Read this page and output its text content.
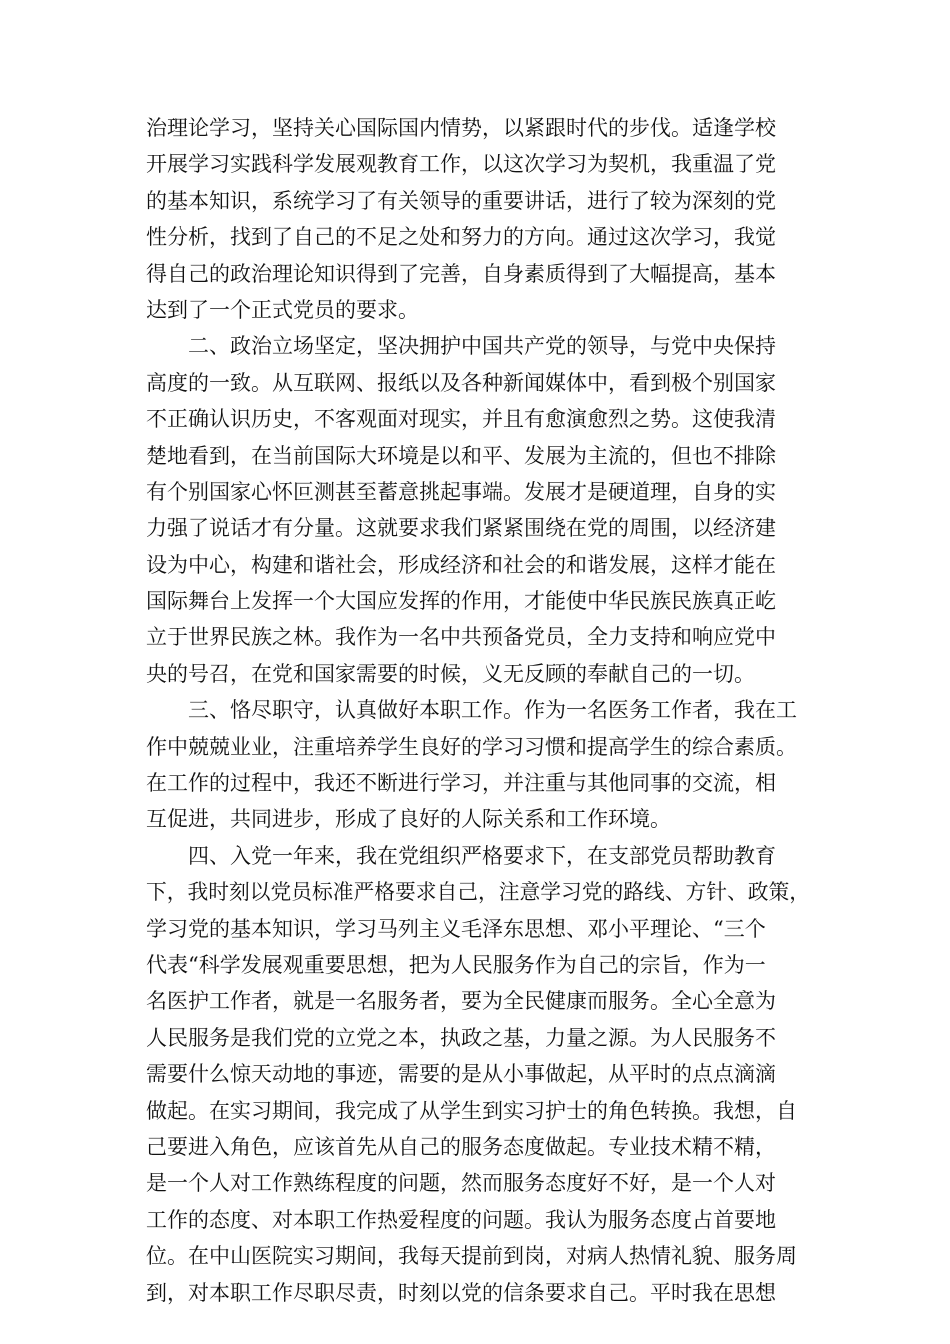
治理论学习，坚持关心国际国内情势，以紧跟时代的步伐。适逢学校
开展学习实践科学发展观教育工作，以这次学习为契机，我重温了党
的基本知识，系统学习了有关领导的重要讲话，进行了较为深刻的党
性分析，找到了自己的不足之处和努力的方向。通过这次学习，我觉
得自己的政治理论知识得到了完善，自身素质得到了大幅提高，基本
达到了一个正式党员的要求。
二、政治立场坚定，坚决拥护中国共产党的领导，与党中央保持
高度的一致。从互联网、报纸以及各种新闻媒体中，看到极个别国家
不正确认识历史，不客观面对现实，并且有愈演愈烈之势。这使我清
楚地看到，在当前国际大环境是以和平、发展为主流的，但也不排除
有个别国家心怀叵测甚至蓄意挑起事端。发展才是硬道理，自身的实
力强了说话才有分量。这就要求我们紧紧围绕在党的周围，以经济建
设为中心，构建和谐社会，形成经济和社会的和谐发展，这样才能在
国际舞台上发挥一个大国应发挥的作用，才能使中华民族民族真正屹
立于世界民族之林。我作为一名中共预备党员，全力支持和响应党中
央的号召，在党和国家需要的时候，义无反顾的奉献自己的一切。
三、恪尽职守，认真做好本职工作。作为一名医务工作者，我在工
作中兢兢业业，注重培养学生良好的学习习惯和提高学生的综合素质。
在工作的过程中，我还不断进行学习，并注重与其他同事的交流，相
互促进，共同进步，形成了良好的人际关系和工作环境。
四、入党一年来，我在党组织严格要求下，在支部党员帮助教育
下，我时刻以党员标准严格要求自己，注意学习党的路线、方针、政策，
学习党的基本知识，学习马列主义毛泽东思想、邓小平理论、“三个
代表“科学发展观重要思想，把为人民服务作为自己的宗旨，作为一
名医护工作者，就是一名服务者，要为全民健康而服务。全心全意为
人民服务是我们党的立党之本，执政之基，力量之源。为人民服务不
需要什么惊天动地的事迹，需要的是从小事做起，从平时的点点滴滴
做起。在实习期间，我完成了从学生到实习护士的角色转换。我想，自
己要进入角色，应该首先从自己的服务态度做起。专业技术精不精，
是一个人对工作熟练程度的问题，然而服务态度好不好，是一个人对
工作的态度、对本职工作热爱程度的问题。我认为服务态度占首要地
位。在中山医院实习期间，我每天提前到岗，对病人热情礼貌、服务周
到，对本职工作尽职尽责，时刻以党的信条要求自己。平时我在思想
